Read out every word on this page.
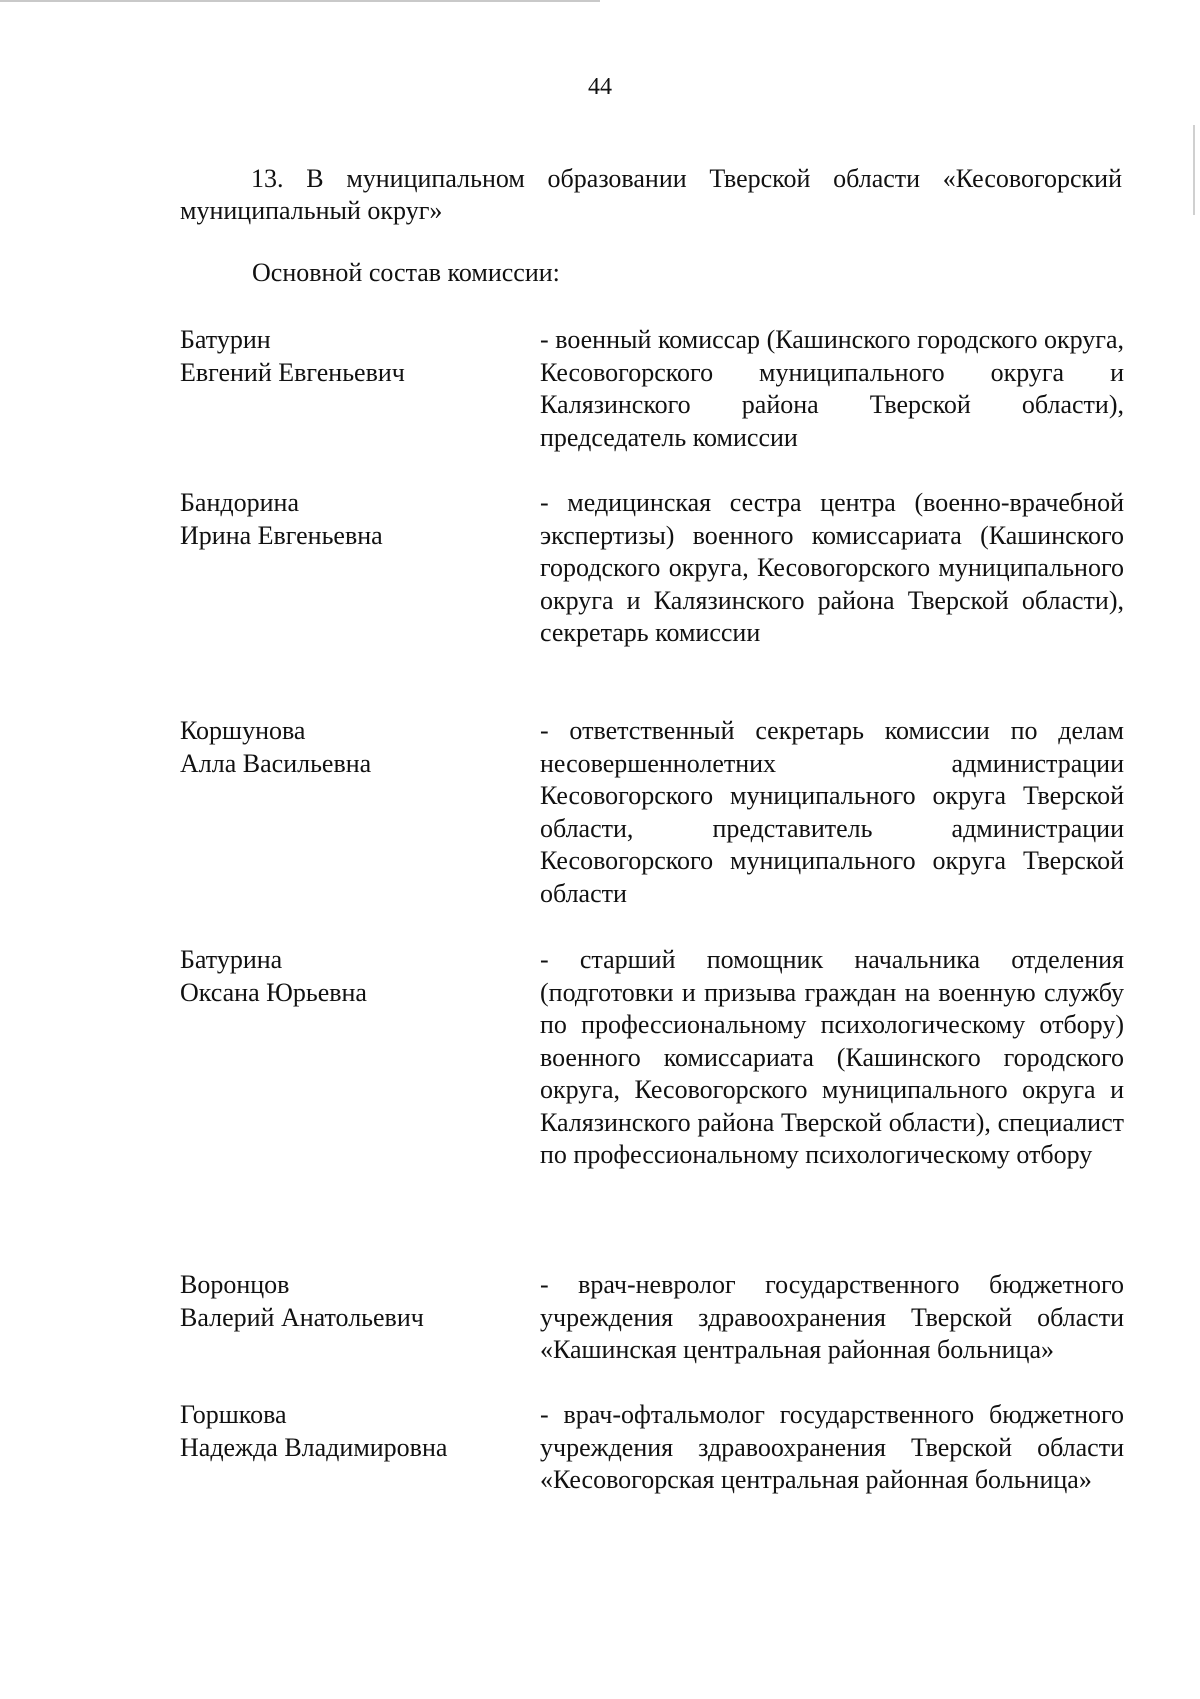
44
13. В муниципальном образовании Тверской области «Кесовогорский муниципальный округ»
Основной состав комиссии:
Батурин
Евгений Евгеньевич
- военный комиссар (Кашинского городского округа, Кесовогорского муниципального округа и Калязинского района Тверской области), председатель комиссии
Бандорина
Ирина Евгеньевна
- медицинская сестра центра (военно-врачебной экспертизы) военного комиссариата (Кашинского городского округа, Кесовогорского муниципального округа и Калязинского района Тверской области), секретарь комиссии
Коршунова
Алла Васильевна
- ответственный секретарь комиссии по делам несовершеннолетних администрации Кесовогорского муниципального округа Тверской области, представитель администрации Кесовогорского муниципального округа Тверской области
Батурина
Оксана Юрьевна
- старший помощник начальника отделения (подготовки и призыва граждан на военную службу по профессиональному психологическому отбору) военного комиссариата (Кашинского городского округа, Кесовогорского муниципального округа и Калязинского района Тверской области), специалист по профессиональному психологическому отбору
Воронцов
Валерий Анатольевич
- врач-невролог государственного бюджетного учреждения здравоохранения Тверской области «Кашинская центральная районная больница»
Горшкова
Надежда Владимировна
- врач-офтальмолог государственного бюджетного учреждения здравоохранения Тверской области «Кесовогорская центральная районная больница»
